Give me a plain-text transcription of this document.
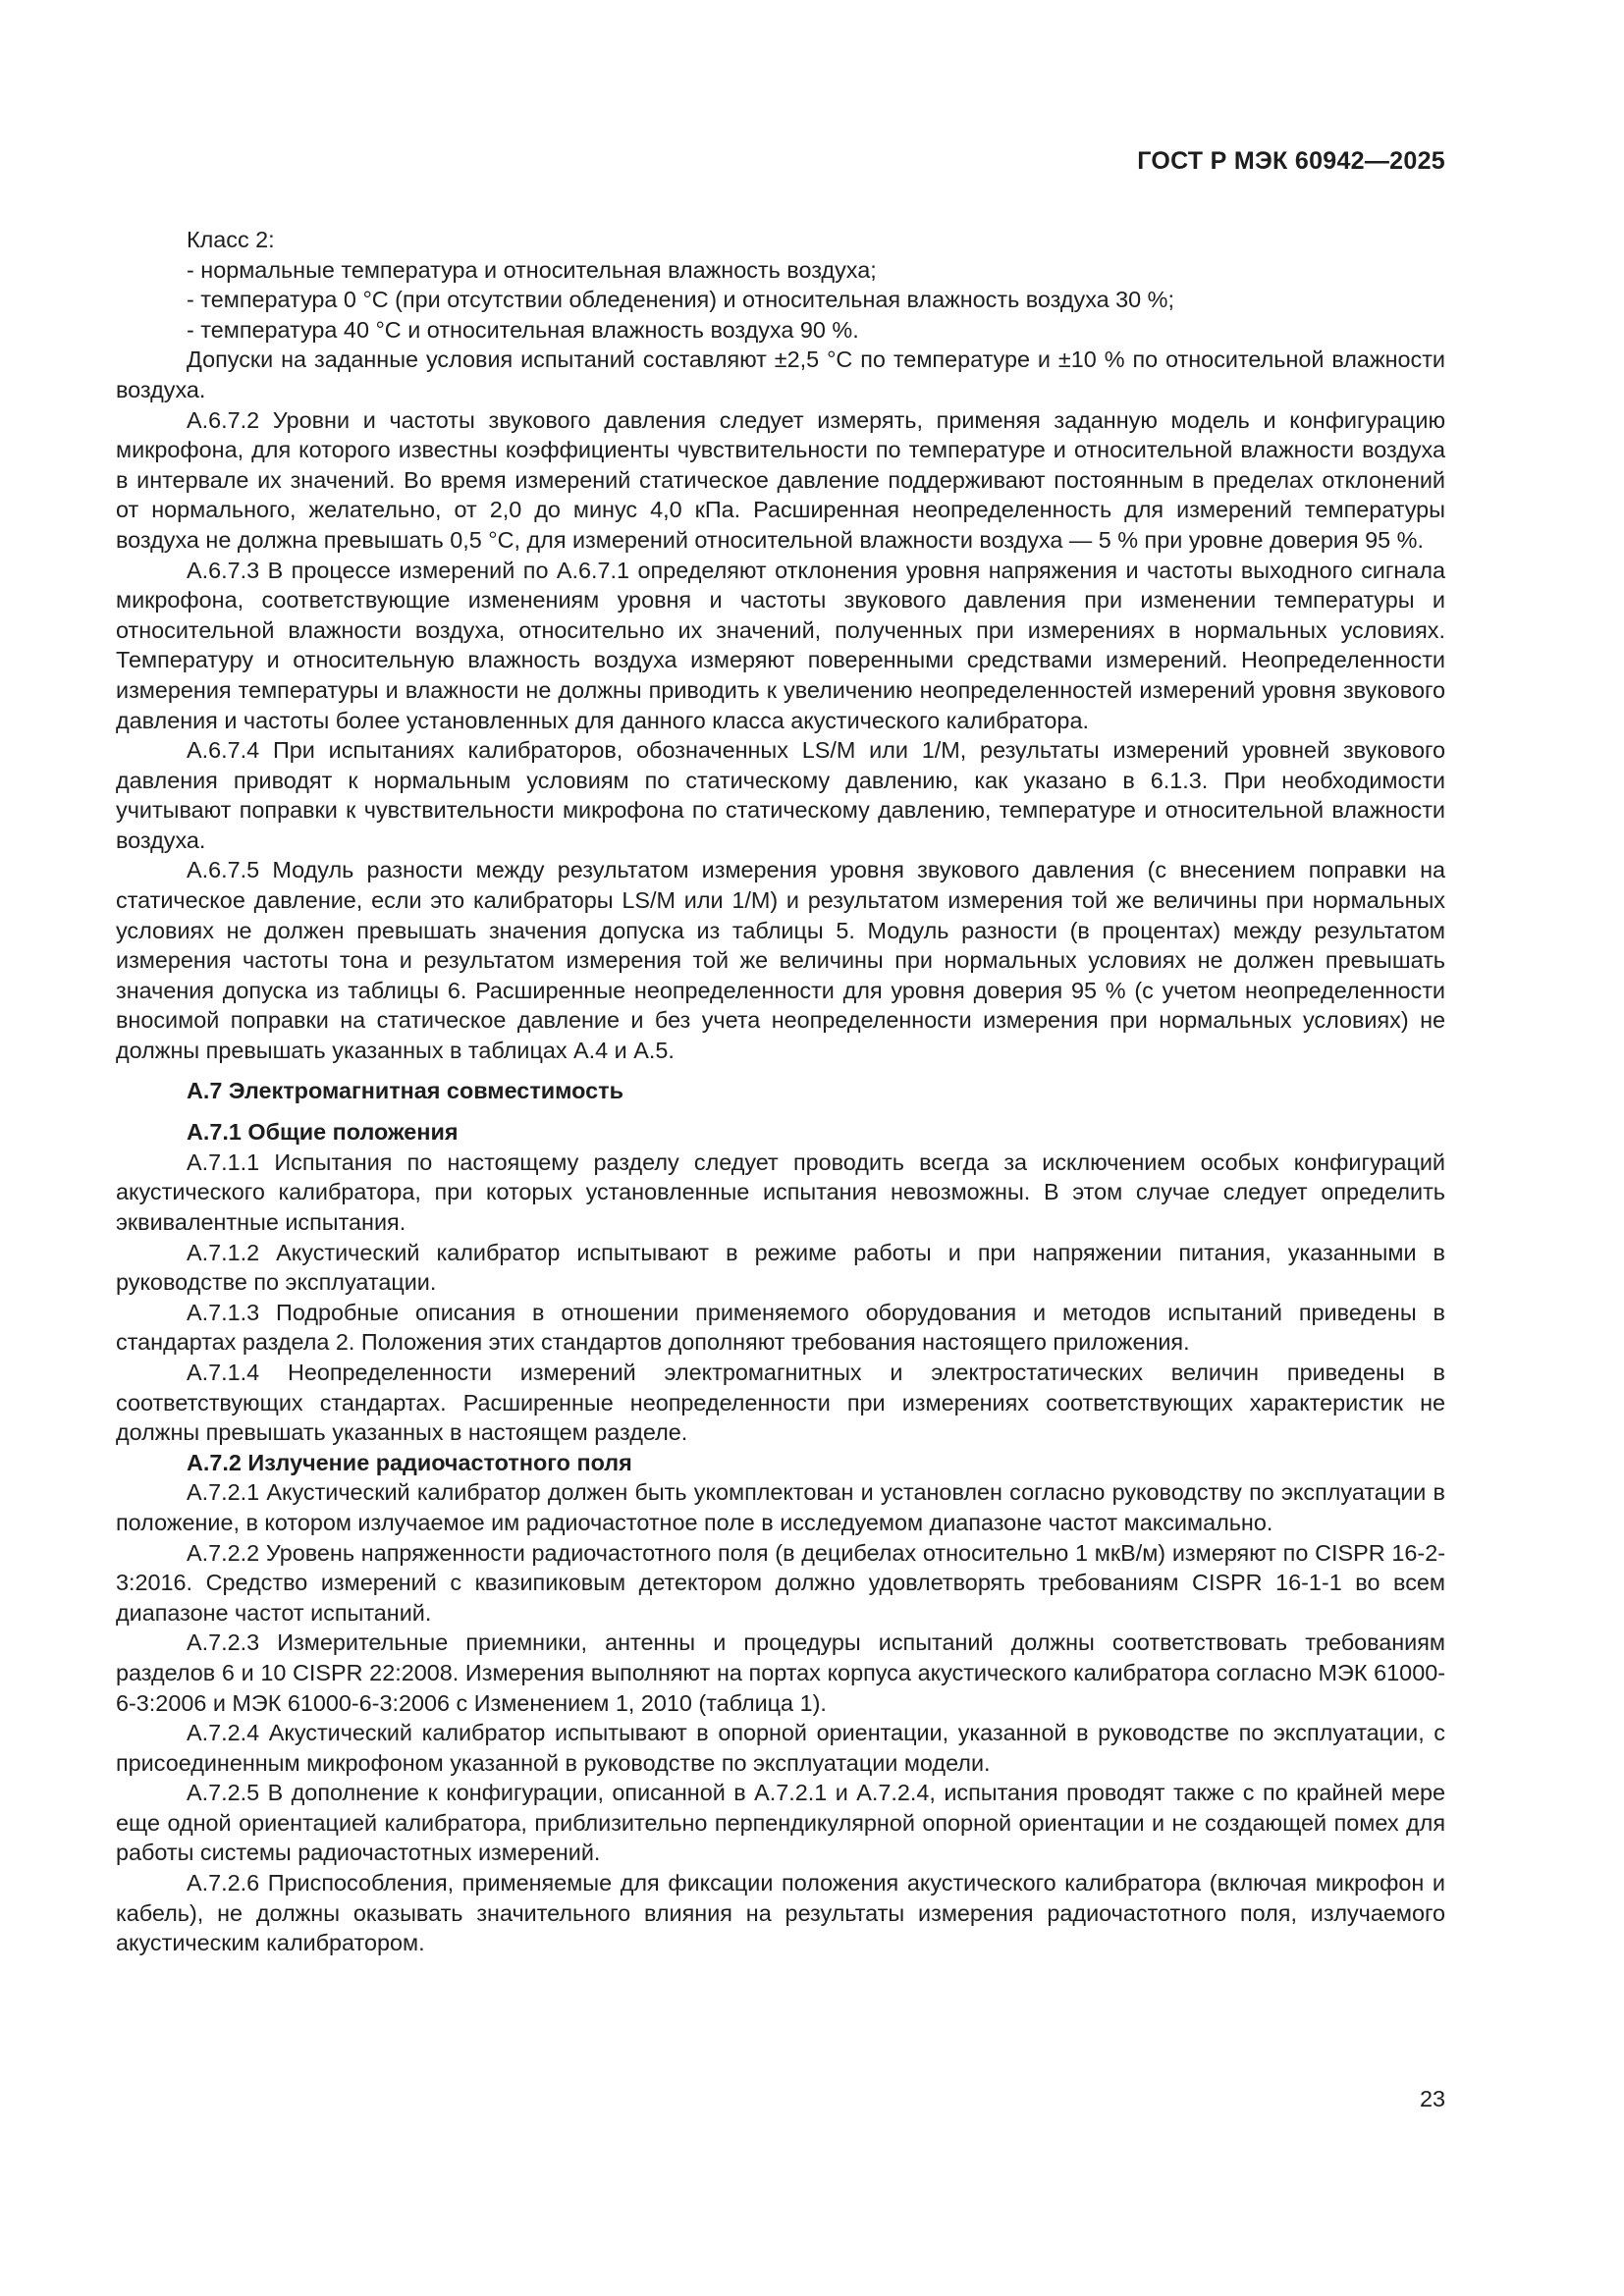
ГОСТ Р МЭК 60942—2025

Класс 2:

- нормальные температура и относительная влажность воздуха;

- температура 0 °С (при отсутствии обледенения) и относительная влажность воздуха 30 %;

- температура 40 °С и относительная влажность воздуха 90 %.

Допуски на заданные условия испытаний составляют ±2,5 °С по температуре и ±10 % по относительной влажности воздуха.

А.6.7.2 Уровни и частоты звукового давления следует измерять, применяя заданную модель и конфигурацию микрофона, для которого известны коэффициенты чувствительности по температуре и относительной влажности воздуха в интервале их значений. Во время измерений статическое давление поддерживают постоянным в пределах отклонений от нормального, желательно, от 2,0 до минус 4,0 кПа. Расширенная неопределенность для измерений температуры воздуха не должна превышать 0,5 °С, для измерений относительной влажности воздуха — 5 % при уровне доверия 95 %.

А.6.7.3 В процессе измерений по А.6.7.1 определяют отклонения уровня напряжения и частоты выходного сигнала микрофона, соответствующие изменениям уровня и частоты звукового давления при изменении температуры и относительной влажности воздуха, относительно их значений, полученных при измерениях в нормальных условиях. Температуру и относительную влажность воздуха измеряют поверенными средствами измерений. Неопределенности измерения температуры и влажности не должны приводить к увеличению неопределенностей измерений уровня звукового давления и частоты более установленных для данного класса акустического калибратора.

А.6.7.4 При испытаниях калибраторов, обозначенных LS/M или 1/M, результаты измерений уровней звукового давления приводят к нормальным условиям по статическому давлению, как указано в 6.1.3. При необходимости учитывают поправки к чувствительности микрофона по статическому давлению, температуре и относительной влажности воздуха.

А.6.7.5 Модуль разности между результатом измерения уровня звукового давления (с внесением поправки на статическое давление, если это калибраторы LS/M или 1/M) и результатом измерения той же величины при нормальных условиях не должен превышать значения допуска из таблицы 5. Модуль разности (в процентах) между результатом измерения частоты тона и результатом измерения той же величины при нормальных условиях не должен превышать значения допуска из таблицы 6. Расширенные неопределенности для уровня доверия 95 % (с учетом неопределенности вносимой поправки на статическое давление и без учета неопределенности измерения при нормальных условиях) не должны превышать указанных в таблицах А.4 и А.5.

А.7 Электромагнитная совместимость

А.7.1 Общие положения

А.7.1.1 Испытания по настоящему разделу следует проводить всегда за исключением особых конфигураций акустического калибратора, при которых установленные испытания невозможны. В этом случае следует определить эквивалентные испытания.

А.7.1.2 Акустический калибратор испытывают в режиме работы и при напряжении питания, указанными в руководстве по эксплуатации.

А.7.1.3 Подробные описания в отношении применяемого оборудования и методов испытаний приведены в стандартах раздела 2. Положения этих стандартов дополняют требования настоящего приложения.

А.7.1.4 Неопределенности измерений электромагнитных и электростатических величин приведены в соответствующих стандартах. Расширенные неопределенности при измерениях соответствующих характеристик не должны превышать указанных в настоящем разделе.

А.7.2 Излучение радиочастотного поля

А.7.2.1 Акустический калибратор должен быть укомплектован и установлен согласно руководству по эксплуатации в положение, в котором излучаемое им радиочастотное поле в исследуемом диапазоне частот максимально.

А.7.2.2 Уровень напряженности радиочастотного поля (в децибелах относительно 1 мкВ/м) измеряют по CISPR 16-2-3:2016. Средство измерений с квазипиковым детектором должно удовлетворять требованиям CISPR 16-1-1 во всем диапазоне частот испытаний.

А.7.2.3 Измерительные приемники, антенны и процедуры испытаний должны соответствовать требованиям разделов 6 и 10 CISPR 22:2008. Измерения выполняют на портах корпуса акустического калибратора согласно МЭК 61000-6-3:2006 и МЭК 61000-6-3:2006 с Изменением 1, 2010 (таблица 1).

А.7.2.4 Акустический калибратор испытывают в опорной ориентации, указанной в руководстве по эксплуатации, с присоединенным микрофоном указанной в руководстве по эксплуатации модели.

А.7.2.5 В дополнение к конфигурации, описанной в А.7.2.1 и А.7.2.4, испытания проводят также с по крайней мере еще одной ориентацией калибратора, приблизительно перпендикулярной опорной ориентации и не создающей помех для работы системы радиочастотных измерений.

А.7.2.6 Приспособления, применяемые для фиксации положения акустического калибратора (включая микрофон и кабель), не должны оказывать значительного влияния на результаты измерения радиочастотного поля, излучаемого акустическим калибратором.

23
